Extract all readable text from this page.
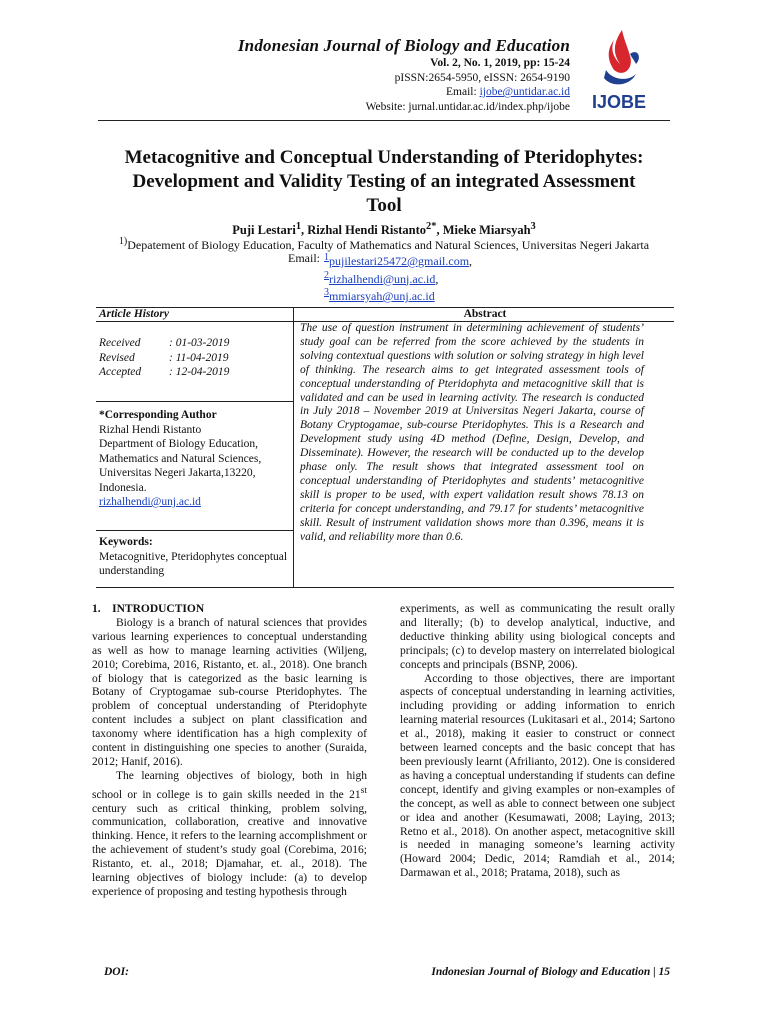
Indonesian Journal of Biology and Education
Vol. 2, No. 1, 2019, pp: 15-24
pISSN:2654-5950, eISSN: 2654-9190
Email: ijobe@untidar.ac.id
Website: jurnal.untidar.ac.id/index.php/ijobe IJOBE
Metacognitive and Conceptual Understanding of Pteridophytes:
Development and Validity Testing of an integrated Assessment
Tool
Puji Lestari$^1$, Rizhal Hendi Ristanto$^{2*}$, Mieke Miarsyah$^3$
$^{1)}$Depatement of Biology Education, Faculty of Mathematics and Natural Sciences, Universitas Negeri Jakarta
Email: $^1$pujilestari25472@gmail.com,
$^2$rizhalhendi@unj.ac.id,
$^3$mmiarsyah@unj.ac.id
Article History	Abstract
Received : 01-03-2019
Revised	: 11-04-2019
Accepted : 12-04-2019
*Corresponding Author
Rizhal Hendi Ristanto
Department of Biology Education, Mathematics and Natural Sciences, Universitas Negeri Jakarta,13220, Indonesia.
rizhalhendi@unj.ac.id
Keywords:
Metacognitive, Pteridophytes conceptual understanding
The use of question instrument in determining achievement of students’ study goal can be referred from the score achieved by the students in solving contextual questions with solution or solving strategy in high level of thinking. The research aims to get integrated assessment tools of conceptual understanding of Pteridophyta and metacognitive skill that is validated and can be used in learning activity. The research is conducted in July 2018 – November 2019 at Universitas Negeri Jakarta, course of Botany Cryptogamae, sub-course Pteridophytes. This is a Research and Development study using 4D method (Define, Design, Develop, and Disseminate). However, the research will be conducted up to the develop phase only. The result shows that integrated assessment tool on conceptual understanding of Pteridophytes and students’ metacognitive skill is proper to be used, with expert validation result shows 78.13 on criteria for concept understanding, and 79.17 for students’ metacognitive skill. Result of instrument validation shows more than 0.396, means it is valid, and reliability more than 0.6.
1. INTRODUCTION

Biology is a branch of natural sciences that provides various learning experiences to conceptual understanding as well as how to manage learning activities (Wiljeng, 2010; Corebima, 2016, Ristanto, et. al., 2018). One branch of biology that is categorized as the basic learning is Botany of Cryptogamae sub-course Pteridophytes. The problem of conceptual understanding of Pteridophyte content includes a subject on plant classification and taxonomy where identification has a high complexity of content in distinguishing one species to another (Suraida, 2012; Hanif, 2016).

The learning objectives of biology, both in high school or in college is to gain skills needed in the 21st century such as critical thinking, problem solving, communication, collaboration, creative and innovative thinking. Hence, it refers to the learning accomplishment or the achievement of student’s study goal (Corebima, 2016; Ristanto, et. al., 2018; Djamahar, et. al., 2018). The learning objectives of biology include: (a) to develop experience of proposing and testing hypothesis through

experiments, as well as communicating the result orally and literally; (b) to develop analytical, inductive, and deductive thinking ability using biological concepts and principals; (c) to develop mastery on interrelated biological concepts and principals (BSNP, 2006).

According to those objectives, there are important aspects of conceptual understanding in learning activities, including providing or adding information to enrich learning material resources (Lukitasari et al., 2014; Sartono et al., 2018), making it easier to construct or connect between learned concepts and the basic concept that has been previously learnt (Afrilianto, 2012). One is considered as having a conceptual understanding if students can define concept, identify and giving examples or non-examples of the concept, as well as able to connect between one subject or idea and another (Kesumawati, 2008; Laying, 2013; Retno et al., 2018). On another aspect, metacognitive skill is needed in managing someone’s learning activity (Howard 2004; Dedic, 2014; Ramdiah et al., 2014; Darmawan et al., 2018; Pratama, 2018), such as

DOI:	Indonesian Journal of Biology and Education | 15
